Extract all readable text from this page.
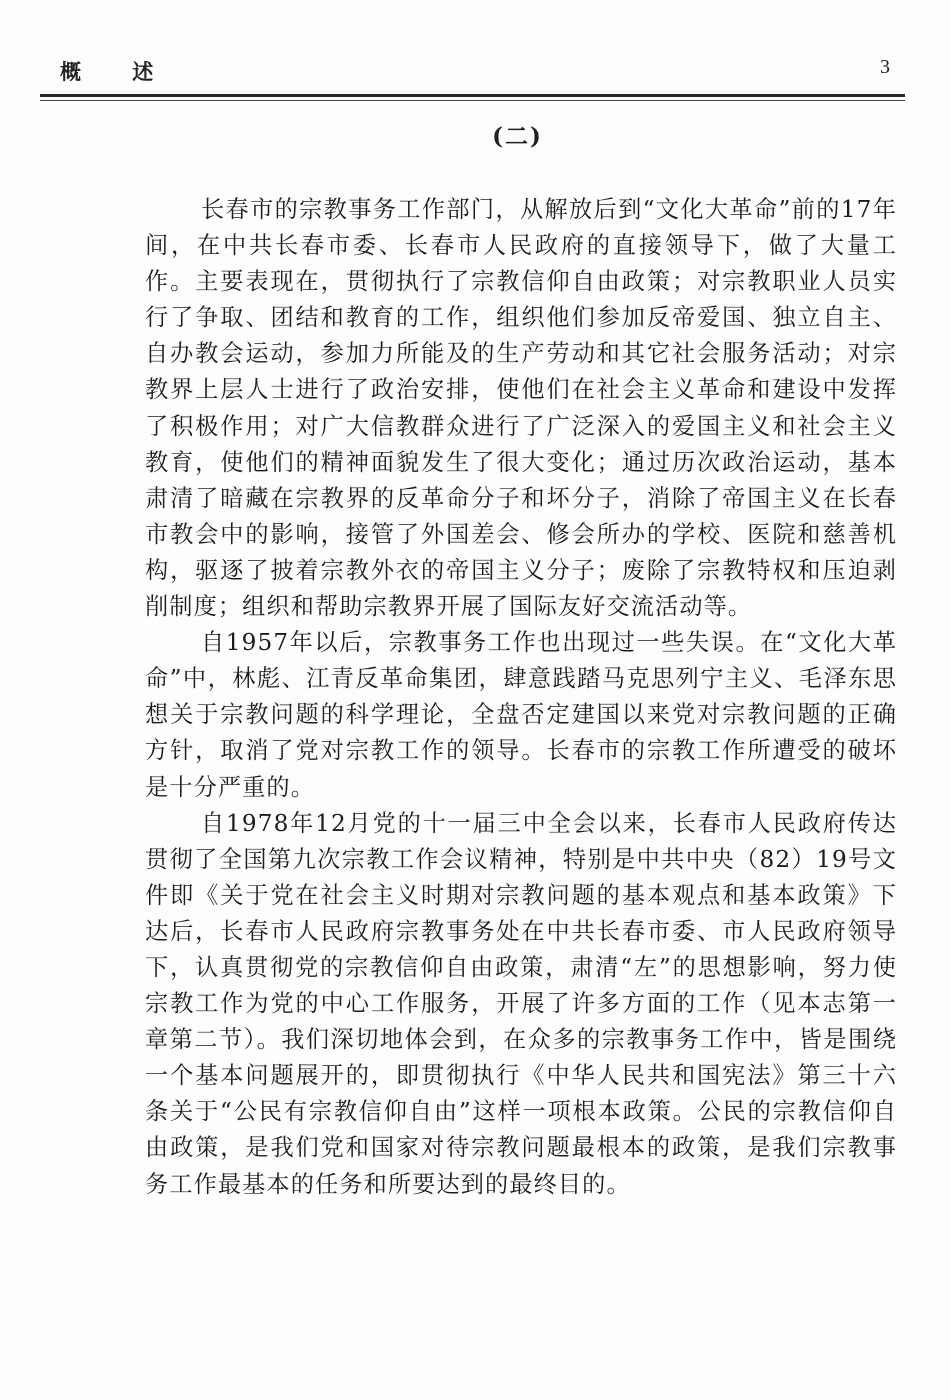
概 述	3
(二)

长春市的宗教事务工作部门，从解放后到“文化大革命”前的17年间，在中共长春市委、长春市人民政府的直接领导下，做了大量工作。主要表现在，贯彻执行了宗教信仰自由政策；对宗教职业人员实行了争取、团结和教育的工作，组织他们参加反帝爱国、独立自主、自办教会运动，参加力所能及的生产劳动和其它社会服务活动；对宗教界上层人士进行了政治安排，使他们在社会主义革命和建设中发挥了积极作用；对广大信教群众进行了广泛深入的爱国主义和社会主义教育，使他们的精神面貌发生了很大变化；通过历次政治运动，基本肃清了暗藏在宗教界的反革命分子和坏分子，消除了帝国主义在长春市教会中的影响，接管了外国差会、修会所办的学校、医院和慈善机构，驱逐了披着宗教外衣的帝国主义分子；废除了宗教特权和压迫剥削制度；组织和帮助宗教界开展了国际友好交流活动等。

自1957年以后，宗教事务工作也出现过一些失误。在“文化大革命”中，林彪、江青反革命集团，肆意践踏马克思列宁主义、毛泽东思想关于宗教问题的科学理论，全盘否定建国以来党对宗教问题的正确方针，取消了党对宗教工作的领导。长春市的宗教工作所遭受的破坏是十分严重的。

自1978年12月党的十一届三中全会以来，长春市人民政府传达贯彻了全国第九次宗教工作会议精神，特别是中共中央（82）19号文件即《关于党在社会主义时期对宗教问题的基本观点和基本政策》下达后，长春市人民政府宗教事务处在中共长春市委、市人民政府领导下，认真贯彻党的宗教信仰自由政策，肃清“左”的思想影响，努力使宗教工作为党的中心工作服务，开展了许多方面的工作（见本志第一章第二节）。我们深切地体会到，在众多的宗教事务工作中，皆是围绕一个基本问题展开的，即贯彻执行《中华人民共和国宪法》第三十六条关于“公民有宗教信仰自由”这样一项根本政策。公民的宗教信仰自由政策，是我们党和国家对待宗教问题最根本的政策，是我们宗教事务工作最基本的任务和所要达到的最终目的。
